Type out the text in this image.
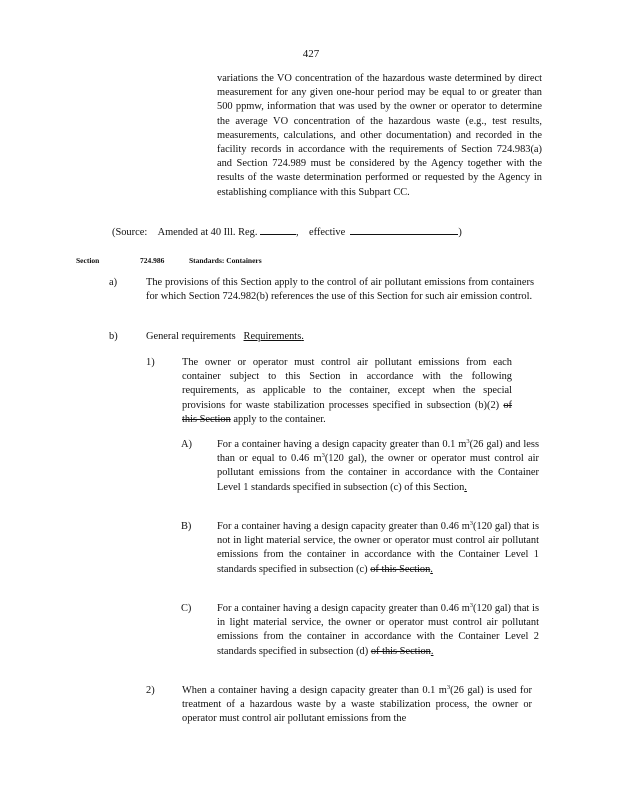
427
variations the VO concentration of the hazardous waste determined by direct measurement for any given one-hour period may be equal to or greater than 500 ppmw, information that was used by the owner or operator to determine the average VO concentration of the hazardous waste (e.g., test results, measurements, calculations, and other documentation) and recorded in the facility records in accordance with the requirements of Section 724.983(a) and Section 724.989 must be considered by the Agency together with the results of the waste determination performed or requested by the Agency in establishing compliance with this Subpart CC.
(Source: Amended at 40 Ill. Reg.	, effective	)
Section	724.986	Standards: Containers
a)	The provisions of this Section apply to the control of air pollutant emissions from containers for which Section 724.982(b) references the use of this Section for such air emission control.
b)	General requirements Requirements.
1)	The owner or operator must control air pollutant emissions from each container subject to this Section in accordance with the following requirements, as applicable to the container, except when the special provisions for waste stabilization processes specified in subsection (b)(2) of this Section apply to the container.
A) For a container having a design capacity greater than 0.1 $m^3(26$ gal) and less than or equal to 0.46 $m^3(120$ gal), the owner or operator must control air pollutant emissions from the container in accordance with the Container Level 1 standards specified in subsection (c) of this Section.
B) For a container having a design capacity greater than 0.46 $m^3(120$ gal) that is not in light material service, the owner or operator must control air pollutant emissions from the container in accordance with the Container Level 1 standards specified in subsection (c) of this Section.
C) For a container having a design capacity greater than 0.46 $m^3(120$ gal) that is in light material service, the owner or operator must control air pollutant emissions from the container in accordance with the Container Level 2 standards specified in subsection (d) of this Section.
2)	When a container having a design capacity greater than 0.1 $m^3(26$ gal) is used for treatment of a hazardous waste by a waste stabilization process, the owner or operator must control air pollutant emissions from the
